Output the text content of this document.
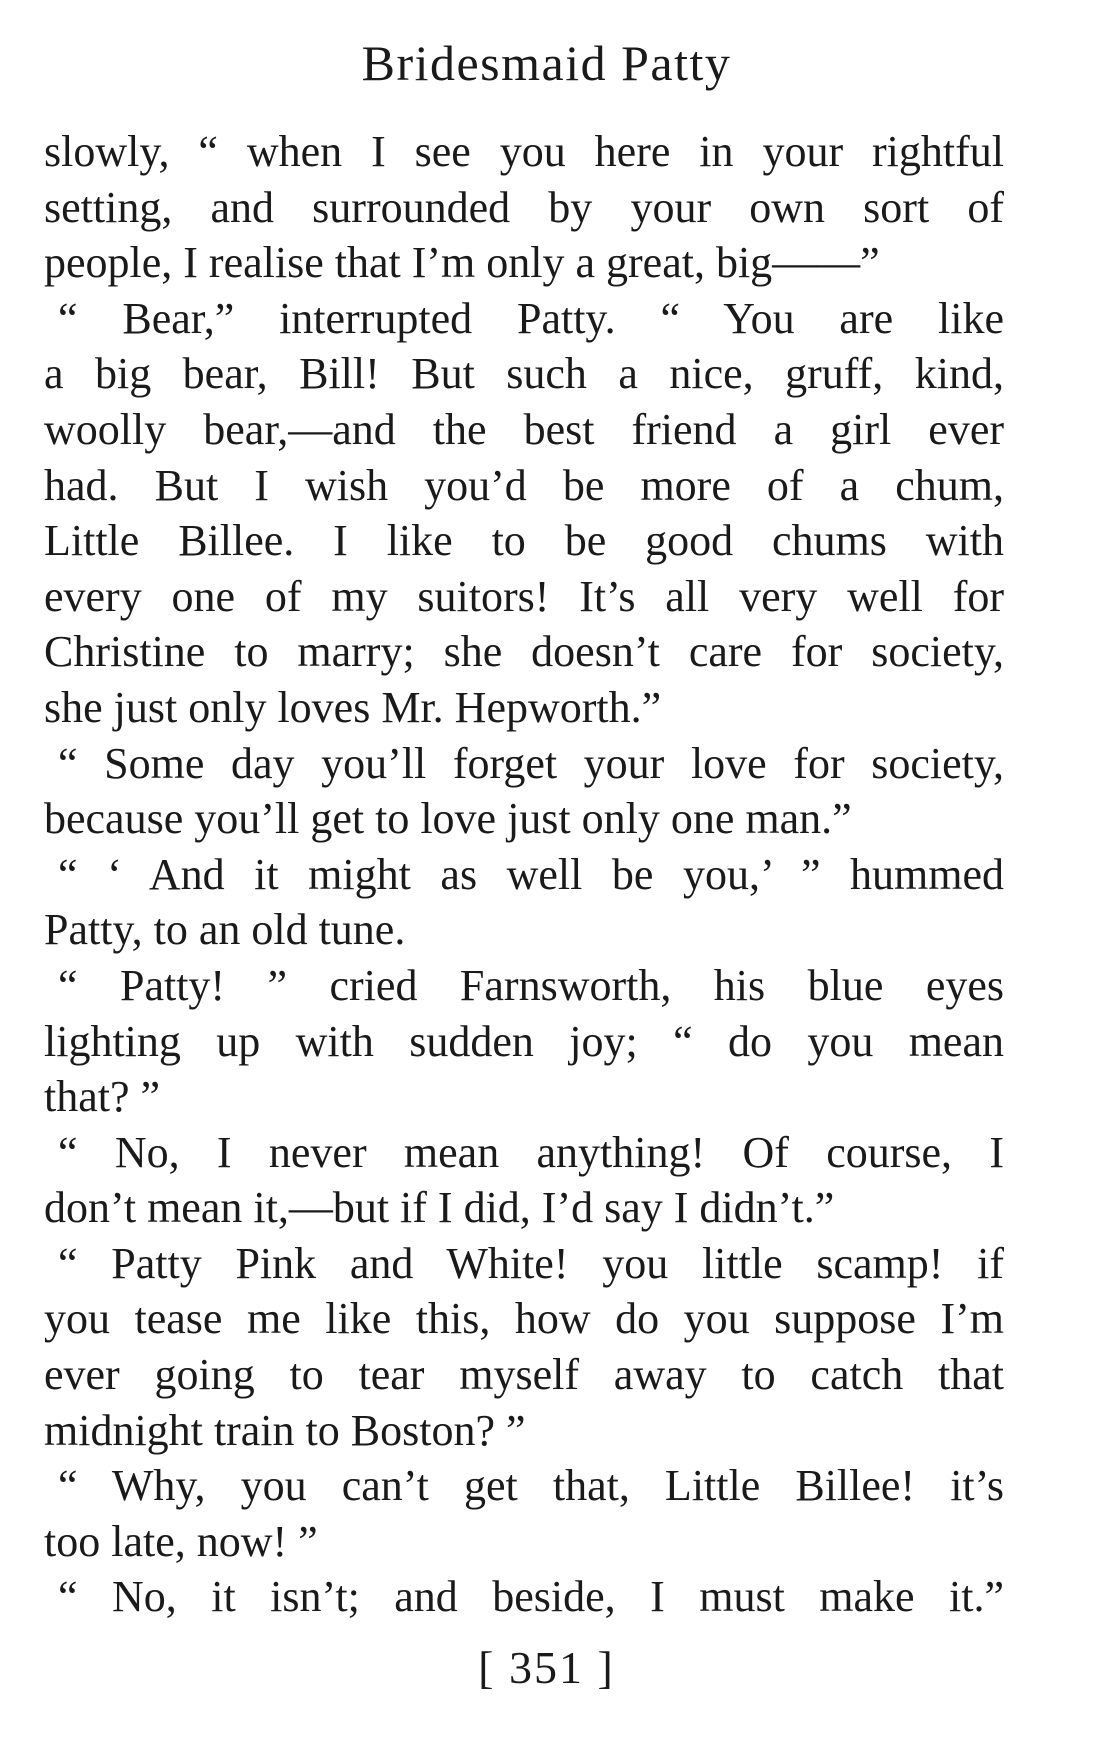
Bridesmaid Patty
slowly, “ when I see you here in your rightful
setting, and surrounded by your own sort of
people, I realise that I’m only a great, big——”
“ Bear,” interrupted Patty. “ You are like
a big bear, Bill! But such a nice, gruff, kind,
woolly bear,—and the best friend a girl ever
had. But I wish you’d be more of a chum,
Little Billee. I like to be good chums with
every one of my suitors! It’s all very well for
Christine to marry; she doesn’t care for society,
she just only loves Mr. Hepworth.”
“ Some day you’ll forget your love for society,
because you’ll get to love just only one man.”
“ ‘ And it might as well be you,’ ” hummed
Patty, to an old tune.
“ Patty! ” cried Farnsworth, his blue eyes
lighting up with sudden joy; “ do you mean
that? ”
“ No, I never mean anything! Of course, I
don’t mean it,—but if I did, I’d say I didn’t.”
“ Patty Pink and White! you little scamp! if
you tease me like this, how do you suppose I’m
ever going to tear myself away to catch that
midnight train to Boston? ”
“ Why, you can’t get that, Little Billee! it’s
too late, now! ”
“ No, it isn’t; and beside, I must make it.”
[ 351 ]
